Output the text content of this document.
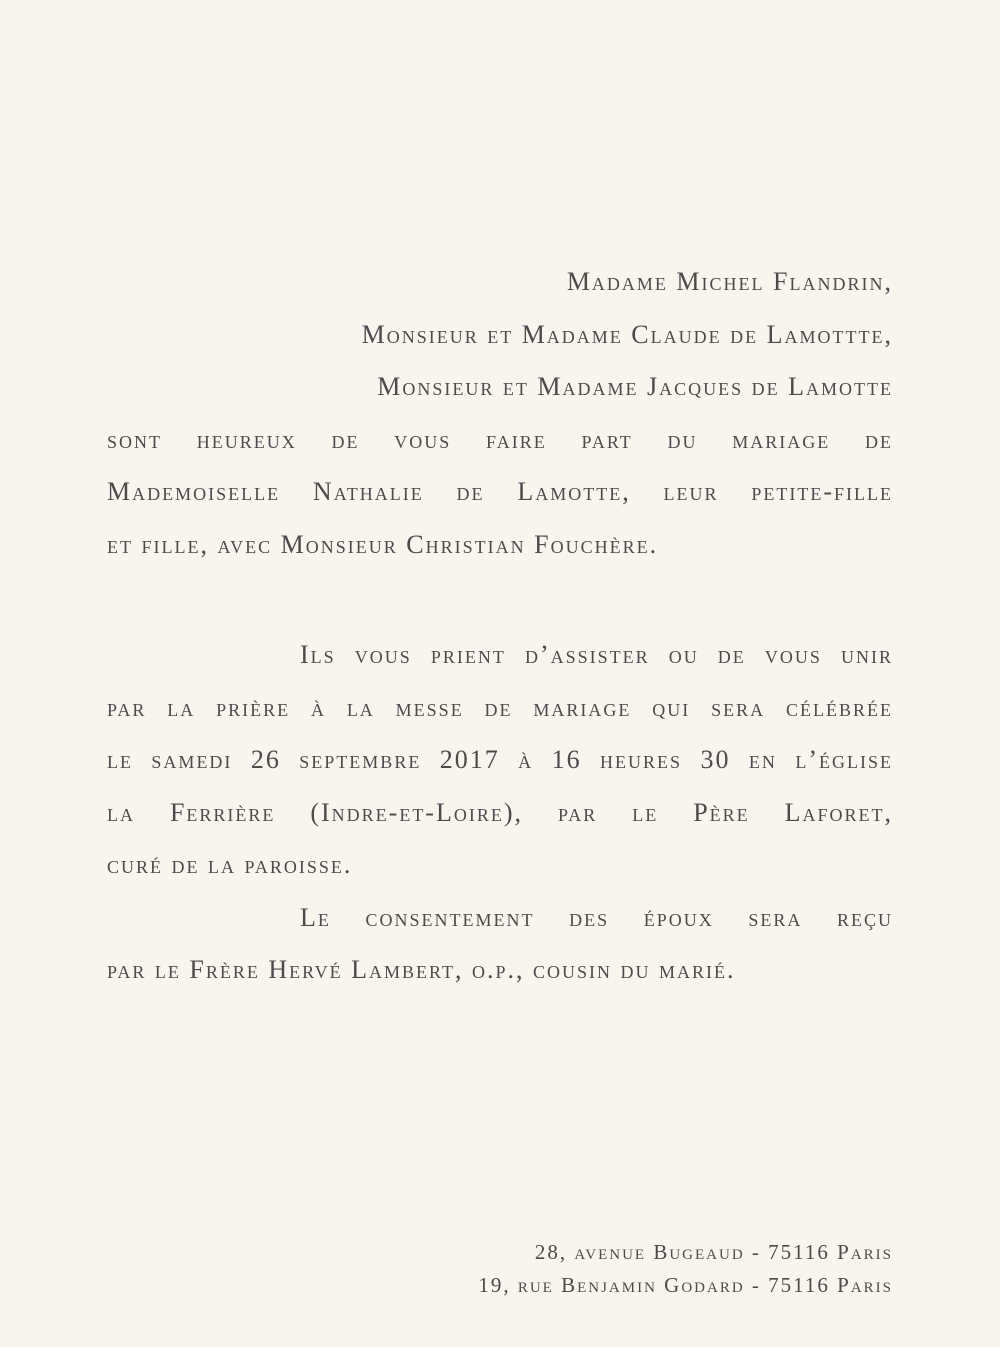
Madame Michel Flandrin,
Monsieur et Madame Claude de Lamottte,
Monsieur et Madame Jacques de Lamotte
sont heureux de vous faire part du mariage de
Mademoiselle Nathalie de Lamotte, leur petite-fille
et fille, avec Monsieur Christian Fouchère.
Ils vous prient d’assister ou de vous unir
par la prière à la messe de mariage qui sera célébrée
le samedi 26 septembre 2017 à 16 heures 30 en l’église
la Ferrière (Indre-et-Loire), par le Père Laforet,
curé de la paroisse.
Le consentement des époux sera reçu
par le Frère Hervé Lambert, o.p., cousin du marié.
28, avenue Bugeaud - 75116 Paris
19, rue Benjamin Godard - 75116 Paris
